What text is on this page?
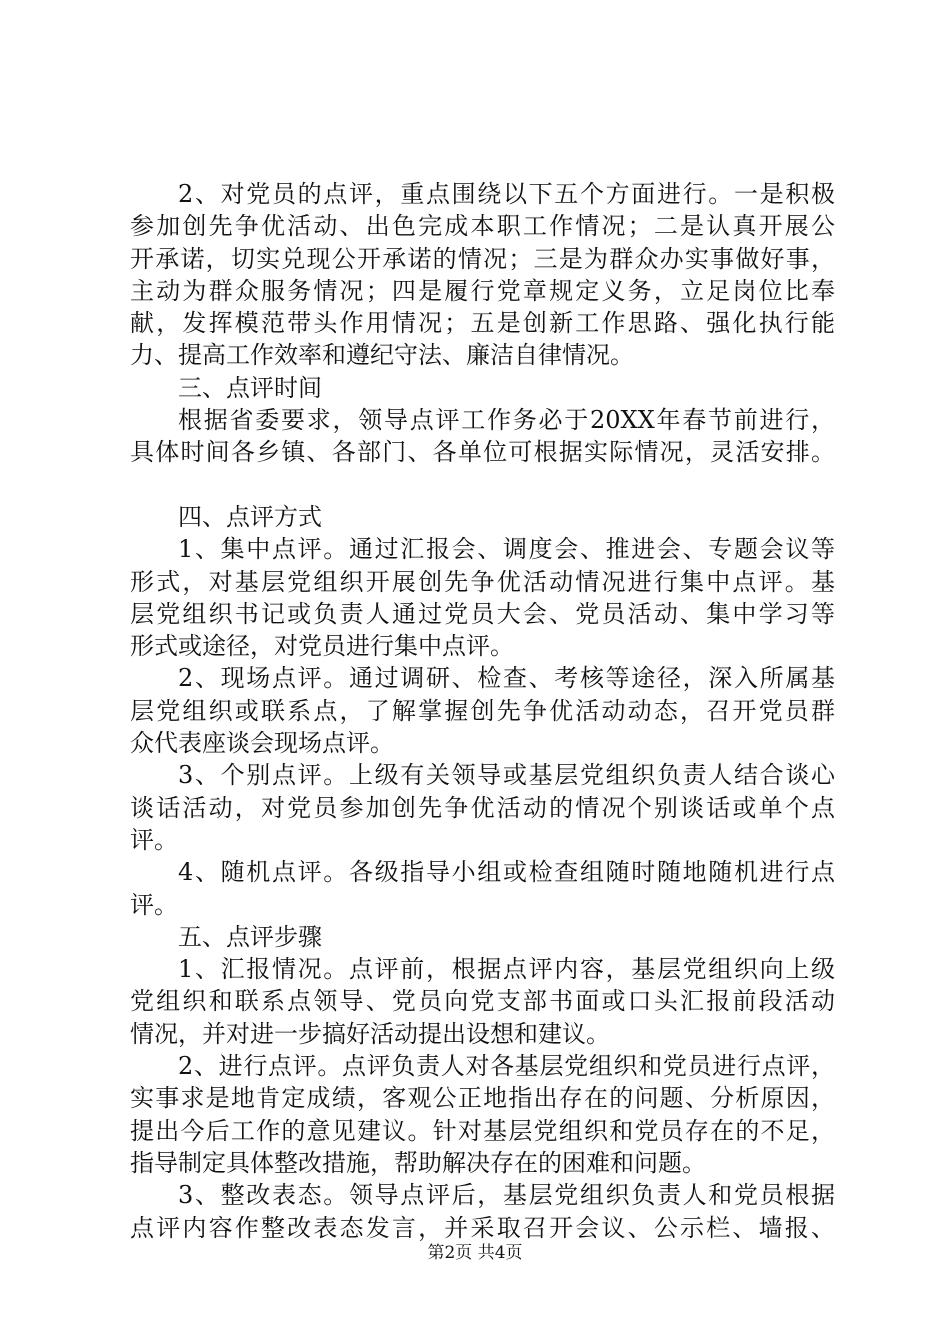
2、对党员的点评，重点围绕以下五个方面进行。一是积极
参加创先争优活动、出色完成本职工作情况；二是认真开展公
开承诺，切实兑现公开承诺的情况；三是为群众办实事做好事，
主动为群众服务情况；四是履行党章规定义务，立足岗位比奉
献，发挥模范带头作用情况；五是创新工作思路、强化执行能
力、提高工作效率和遵纪守法、廉洁自律情况。
三、点评时间
根据省委要求，领导点评工作务必于20XX年春节前进行，
具体时间各乡镇、各部门、各单位可根据实际情况，灵活安排。
四、点评方式
1、集中点评。通过汇报会、调度会、推进会、专题会议等
形式，对基层党组织开展创先争优活动情况进行集中点评。基
层党组织书记或负责人通过党员大会、党员活动、集中学习等
形式或途径，对党员进行集中点评。
2、现场点评。通过调研、检查、考核等途径，深入所属基
层党组织或联系点，了解掌握创先争优活动动态，召开党员群
众代表座谈会现场点评。
3、个别点评。上级有关领导或基层党组织负责人结合谈心
谈话活动，对党员参加创先争优活动的情况个别谈话或单个点
评。
4、随机点评。各级指导小组或检查组随时随地随机进行点
评。
五、点评步骤
1、汇报情况。点评前，根据点评内容，基层党组织向上级
党组织和联系点领导、党员向党支部书面或口头汇报前段活动
情况，并对进一步搞好活动提出设想和建议。
2、进行点评。点评负责人对各基层党组织和党员进行点评，
实事求是地肯定成绩，客观公正地指出存在的问题、分析原因，
提出今后工作的意见建议。针对基层党组织和党员存在的不足，
指导制定具体整改措施，帮助解决存在的困难和问题。
3、整改表态。领导点评后，基层党组织负责人和党员根据
点评内容作整改表态发言，并采取召开会议、公示栏、墙报、
第2页 共4页
